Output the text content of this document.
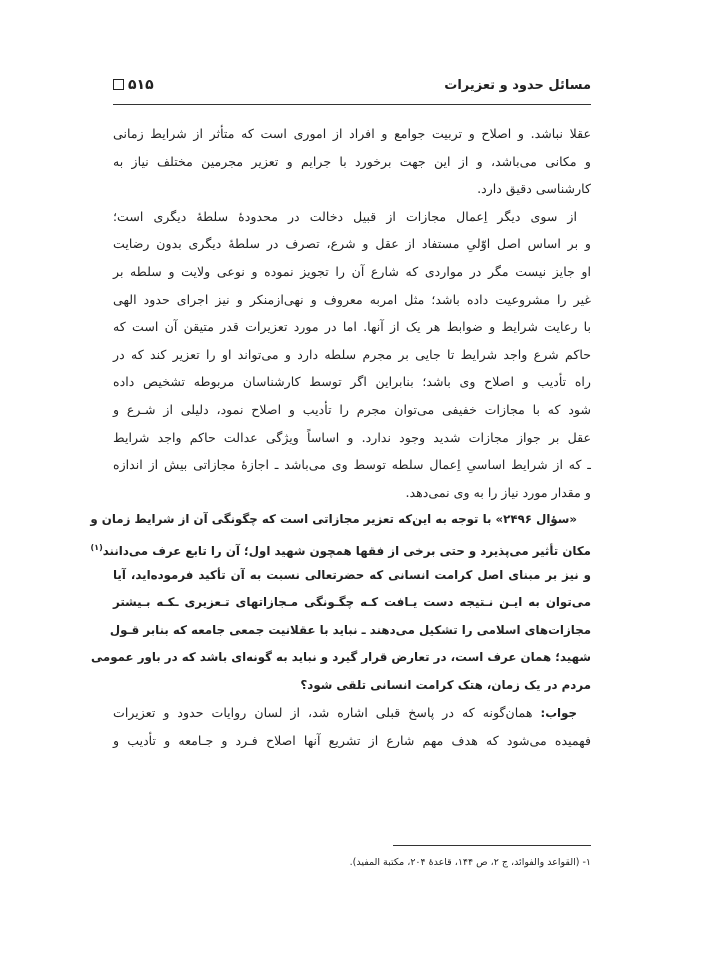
مسائل حدود و تعزیرات
۵۱۵
عقلا نباشد. و اصلاح و تربیت جوامع و افراد از اموری است که متأثر از شرایط زمانی
و مکانی می‌باشد، و از این جهت برخورد با جرایم و تعزیر مجرمین مختلف نیاز به
کارشناسی دقیق دارد.
از سوی دیگر اِعمال مجازات از قبیل دخالت در محدودهٔ سلطهٔ دیگری است؛
و بر اساس اصل اوّلیِ مستفاد از عقل و شرع، تصرف در سلطهٔ دیگری بدون رضایت
او جایز نیست مگر در مواردی که شارع آن را تجویز نموده و نوعی ولایت و سلطه بر
غیر را مشروعیت داده باشد؛ مثل امربه معروف و نهی‌ازمنکر و نیز اجرای حدود الهی
با رعایت شرایط و ضوابط هر یک از آنها. اما در مورد تعزیرات قدر متیقن آن است که
حاکم شرع واجد شرایط تا جایی بر مجرم سلطه دارد و می‌تواند او را تعزیر کند که در
راه تأدیب و اصلاح وی باشد؛ بنابراین اگر توسط کارشناسان مربوطه تشخیص داده
شود که با مجازات خفیفی می‌توان مجرم را تأدیب و اصلاح نمود، دلیلی از شـرع و
عقل بر جواز مجازات شدید وجود ندارد. و اساساً ویژگی عدالت حاکم واجد شرایط
ـ که از شرایط اساسیِ اِعمال سلطه توسط وی می‌باشد ـ اجازهٔ مجازاتی بیش از اندازه
و مقدار مورد نیاز را به وی نمی‌دهد.
«سؤال ۲۴۹۶» با توجه به این‌که تعزیر مجازاتی است که چگونگی آن از شرایط زمان و
مکان تأثیر می‌پذیرد و حتی برخی از فقها همچون شهید اول؛ آن را تابع عرف می‌دانند$^{(۱)}$
و نیز بر مبنای اصل کرامت انسانی که حضرتعالی نسبت به آن تأکید فرموده‌اید، آیا
می‌توان به ایـن نـتیجه دست یـافت کـه چگـونگی مـجازاتهای تـعزیری ـکـه بـیشتر
مجازات‌های اسلامی را تشکیل می‌دهند ـ نباید با عقلانیت جمعی جامعه که بنابر قـول
شهید؛ همان عرف است، در تعارض قرار گیرد و نباید به گونه‌ای باشد که در باور عمومی
مردم در یک زمان، هتک کرامت انسانی تلقی شود؟
جواب: همان‌گونه که در پاسخ قبلی اشاره شد، از لسان روایات حدود و تعزیرات
فهمیده می‌شود که هدف مهم شارع از تشریع آنها اصلاح فـرد و جـامعه و تأدیب و
۱- (القواعد والفوائد، ج ۲، ص ۱۴۴، قاعدهٔ ۲۰۴، مکتبة المفید).
